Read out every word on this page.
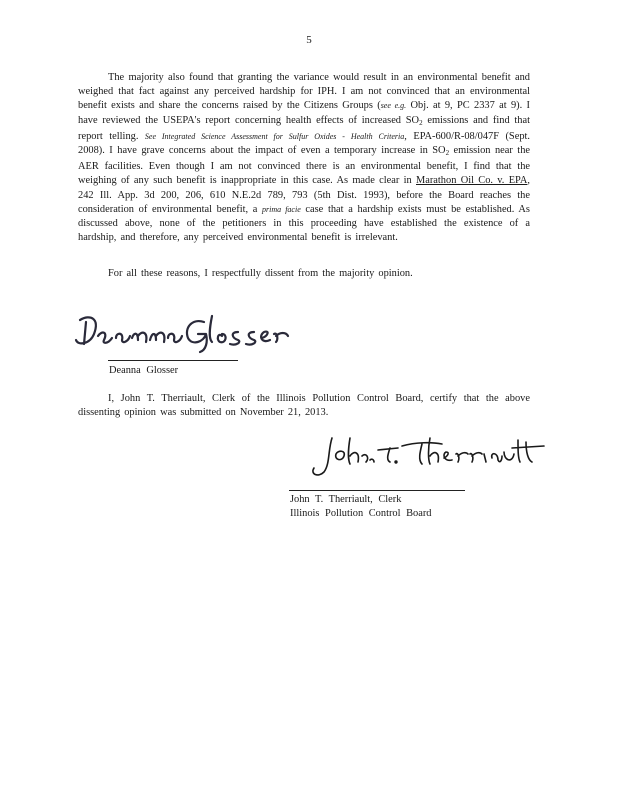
5

The majority also found that granting the variance would result in an environmental benefit and weighed that fact against any perceived hardship for IPH. I am not convinced that an environmental benefit exists and share the concerns raised by the Citizens Groups (see e.g. Obj. at 9, PC 2337 at 9). I have reviewed the USEPA's report concerning health effects of increased $SO_2$ emissions and find that report telling. See Integrated Science Assessment for Sulfur Oxides - Health Criteria, EPA-600/R-08/047F (Sept. 2008). I have grave concerns about the impact of even a temporary increase in $SO_2$ emission near the AER facilities. Even though I am not convinced there is an environmental benefit, I find that the weighing of any such benefit is inappropriate in this case. As made clear in Marathon Oil Co. v. EPA, 242 Ill. App. 3d 200, 206, 610 N.E.2d 789, 793 (5th Dist. 1993), before the Board reaches the consideration of environmental benefit, a prima facie case that a hardship exists must be established. As discussed above, none of the petitioners in this proceeding have established the existence of a hardship, and therefore, any perceived environmental benefit is irrelevant.

For all these reasons, I respectfully dissent from the majority opinion.

Deanna Glosser

I, John T. Therriault, Clerk of the Illinois Pollution Control Board, certify that the above dissenting opinion was submitted on November 21, 2013.

John T. Therriault, Clerk
Illinois Pollution Control Board
